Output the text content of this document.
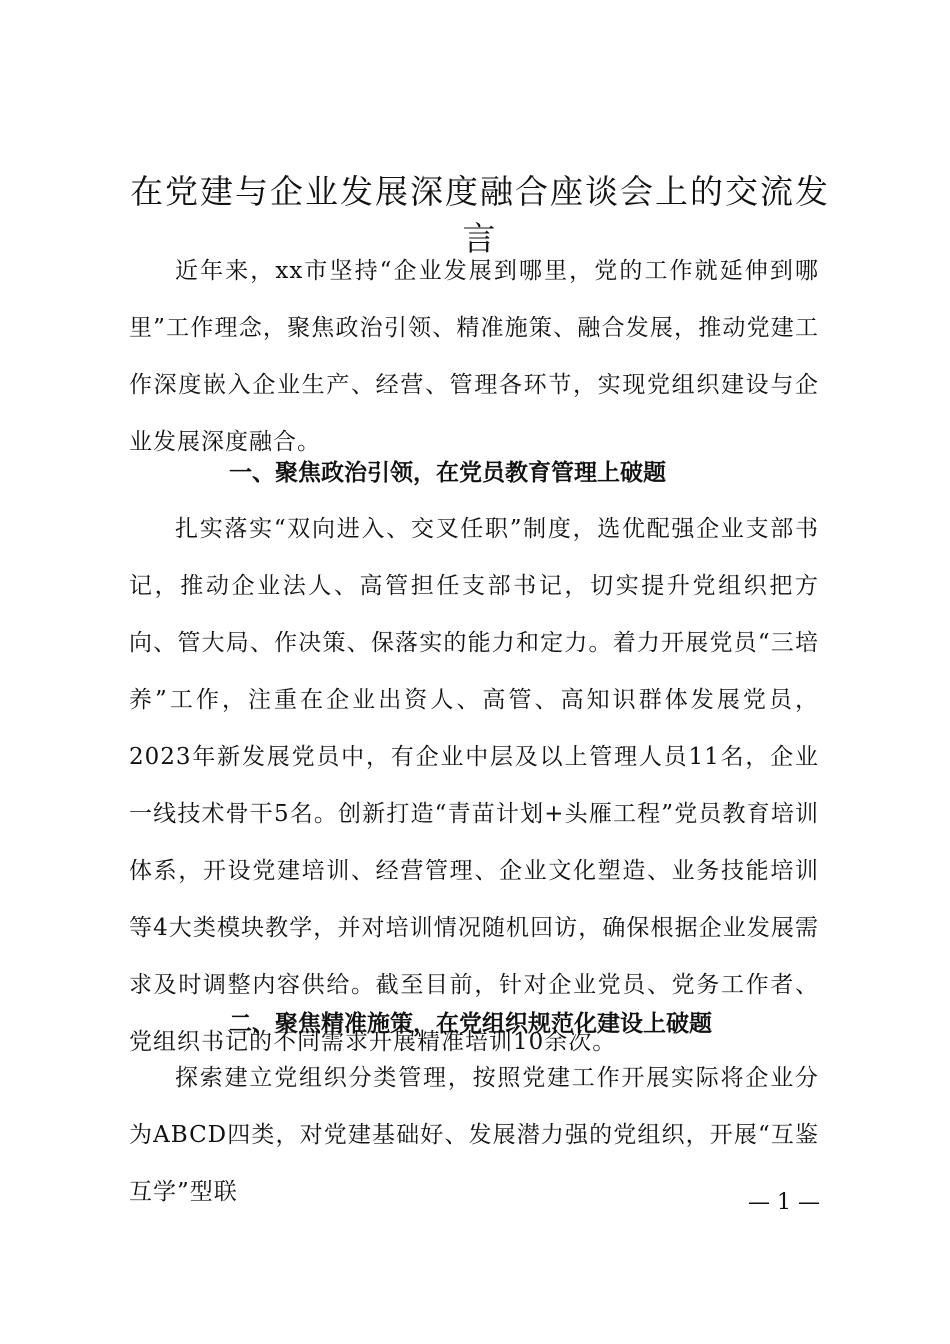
在党建与企业发展深度融合座谈会上的交流发言

近年来，xx市坚持“企业发展到哪里，党的工作就延伸到哪里”工作理念，聚焦政治引领、精准施策、融合发展，推动党建工作深度嵌入企业生产、经营、管理各环节，实现党组织建设与企业发展深度融合。

一、聚焦政治引领，在党员教育管理上破题

扎实落实“双向进入、交叉任职”制度，选优配强企业支部书记，推动企业法人、高管担任支部书记，切实提升党组织把方向、管大局、作决策、保落实的能力和定力。着力开展党员“三培养”工作，注重在企业出资人、高管、高知识群体发展党员，2023年新发展党员中，有企业中层及以上管理人员11名，企业一线技术骨干5名。创新打造“青苗计划+头雁工程”党员教育培训体系，开设党建培训、经营管理、企业文化塑造、业务技能培训等4大类模块教学，并对培训情况随机回访，确保根据企业发展需求及时调整内容供给。截至目前，针对企业党员、党务工作者、党组织书记的不同需求开展精准培训10余次。

二、聚焦精准施策，在党组织规范化建设上破题

探索建立党组织分类管理，按照党建工作开展实际将企业分为ABCD四类，对党建基础好、发展潜力强的党组织，开展“互鉴互学”型联	— 1 —
